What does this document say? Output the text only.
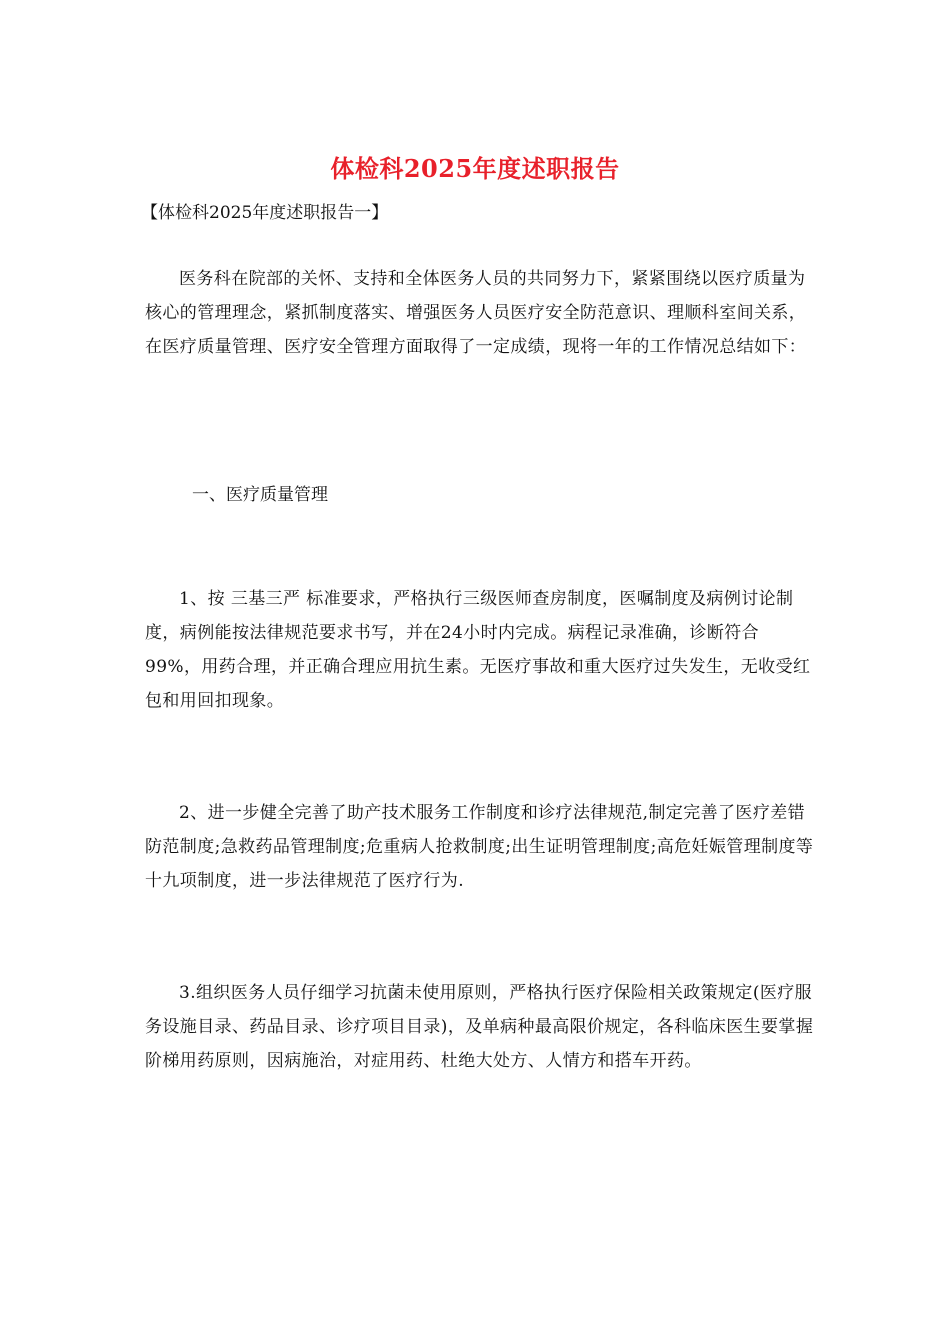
体检科2025年度述职报告
【体检科2025年度述职报告一】

医务科在院部的关怀、支持和全体医务人员的共同努力下，紧紧围绕以医疗质量为核心的管理理念，紧抓制度落实、增强医务人员医疗安全防范意识、理顺科室间关系，在医疗质量管理、医疗安全管理方面取得了一定成绩，现将一年的工作情况总结如下：

一、医疗质量管理

1、按 三基三严 标准要求，严格执行三级医师查房制度，医嘱制度及病例讨论制度，病例能按法律规范要求书写，并在24小时内完成。病程记录准确，诊断符合99%，用药合理，并正确合理应用抗生素。无医疗事故和重大医疗过失发生，无收受红包和用回扣现象。

2、进一步健全完善了助产技术服务工作制度和诊疗法律规范,制定完善了医疗差错防范制度;急救药品管理制度;危重病人抢救制度;出生证明管理制度;高危妊娠管理制度等十九项制度，进一步法律规范了医疗行为.

3.组织医务人员仔细学习抗菌未使用原则，严格执行医疗保险相关政策规定(医疗服务设施目录、药品目录、诊疗项目目录)，及单病种最高限价规定，各科临床医生要掌握阶梯用药原则，因病施治，对症用药、杜绝大处方、人情方和搭车开药。
